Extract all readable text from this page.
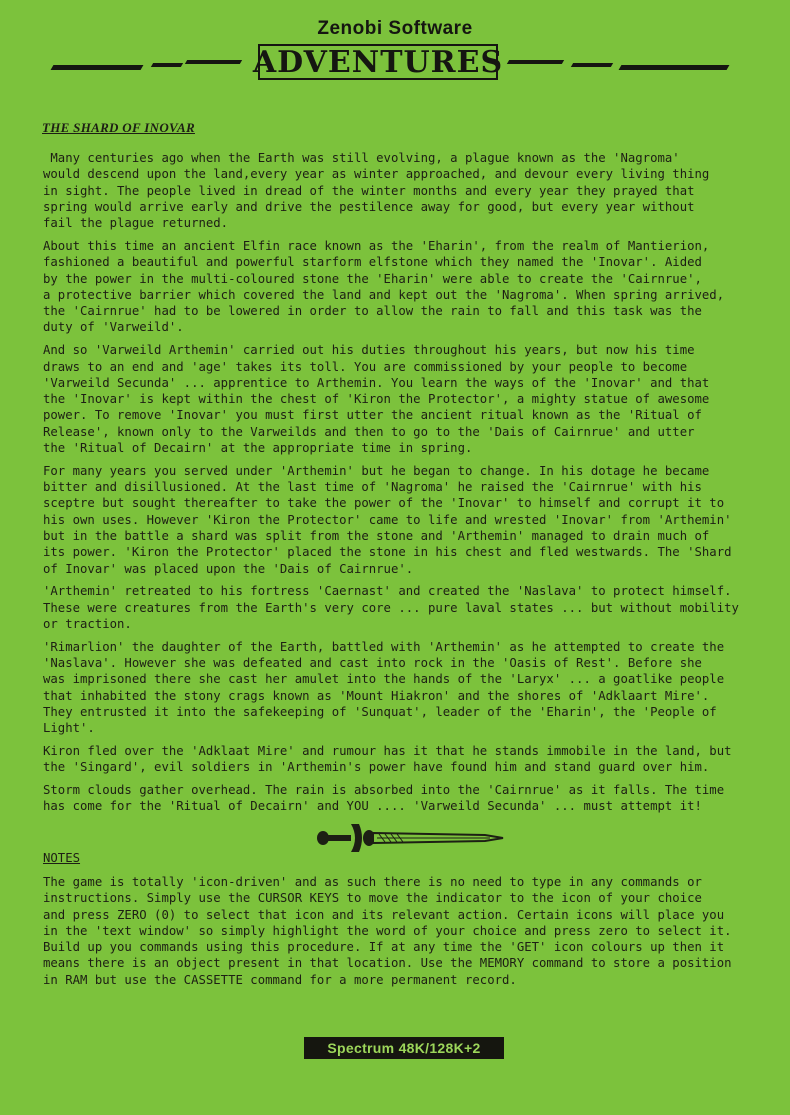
Zenobi Software
ADVENTURES
THE SHARD OF INOVAR

Many centuries ago when the Earth was still evolving, a plague known as the 'Nagroma'
would descend upon the land,every year as winter approached, and devour every living thing
in sight. The people lived in dread of the winter months and every year they prayed that
spring would arrive early and drive the pestilence away for good, but every year without
fail the plague returned.

About this time an ancient Elfin race known as the 'Eharin', from the realm of Mantierion,
fashioned a beautiful and powerful starform elfstone which they named the 'Inovar'. Aided
by the power in the multi-coloured stone the 'Eharin' were able to create the 'Cairnrue',
a protective barrier which covered the land and kept out the 'Nagroma'. When spring arrived,
the 'Cairnrue' had to be lowered in order to allow the rain to fall and this task was the
duty of 'Varweild'.

And so 'Varweild Arthemin' carried out his duties throughout his years, but now his time
draws to an end and 'age' takes its toll. You are commissioned by your people to become
'Varweild Secunda' ... apprentice to Arthemin. You learn the ways of the 'Inovar' and that
the 'Inovar' is kept within the chest of 'Kiron the Protector', a mighty statue of awesome
power. To remove 'Inovar' you must first utter the ancient ritual known as the 'Ritual of
Release', known only to the Varweilds and then to go to the 'Dais of Cairnrue' and utter
the 'Ritual of Decairn' at the appropriate time in spring.

For many years you served under 'Arthemin' but he began to change. In his dotage he became
bitter and disillusioned. At the last time of 'Nagroma' he raised the 'Cairnrue' with his
sceptre but sought thereafter to take the power of the 'Inovar' to himself and corrupt it to
his own uses. However 'Kiron the Protector' came to life and wrested 'Inovar' from 'Arthemin'
but in the battle a shard was split from the stone and 'Arthemin' managed to drain much of
its power. 'Kiron the Protector' placed the stone in his chest and fled westwards. The 'Shard
of Inovar' was placed upon the 'Dais of Cairnrue'.

'Arthemin' retreated to his fortress 'Caernast' and created the 'Naslava' to protect himself.
These were creatures from the Earth's very core ... pure laval states ... but without mobility
or traction.

'Rimarlion' the daughter of the Earth, battled with 'Arthemin' as he attempted to create the
'Naslava'. However she was defeated and cast into rock in the 'Oasis of Rest'. Before she
was imprisoned there she cast her amulet into the hands of the 'Laryx' ... a goatlike people
that inhabited the stony crags known as 'Mount Hiakron' and the shores of 'Adklaart Mire'.
They entrusted it into the safekeeping of 'Sunquat', leader of the 'Eharin', the 'People of
Light'.

Kiron fled over the 'Adklaat Mire' and rumour has it that he stands immobile in the land, but
the 'Singard', evil soldiers in 'Arthemin's power have found him and stand guard over him.

Storm clouds gather overhead. The rain is absorbed into the 'Cairnrue' as it falls. The time
has come for the 'Ritual of Decairn' and YOU .... 'Varweild Secunda' ... must attempt it!

NOTES
The game is totally 'icon-driven' and as such there is no need to type in any commands or
instructions. Simply use the CURSOR KEYS to move the indicator to the icon of your choice
and press ZERO (0) to select that icon and its relevant action. Certain icons will place you
in the 'text window' so simply highlight the word of your choice and press zero to select it.
Build up you commands using this procedure. If at any time the 'GET' icon colours up then it
means there is an object present in that location. Use the MEMORY command to store a position
in RAM but use the CASSETTE command for a more permanent record.
Spectrum 48K/128K+2
